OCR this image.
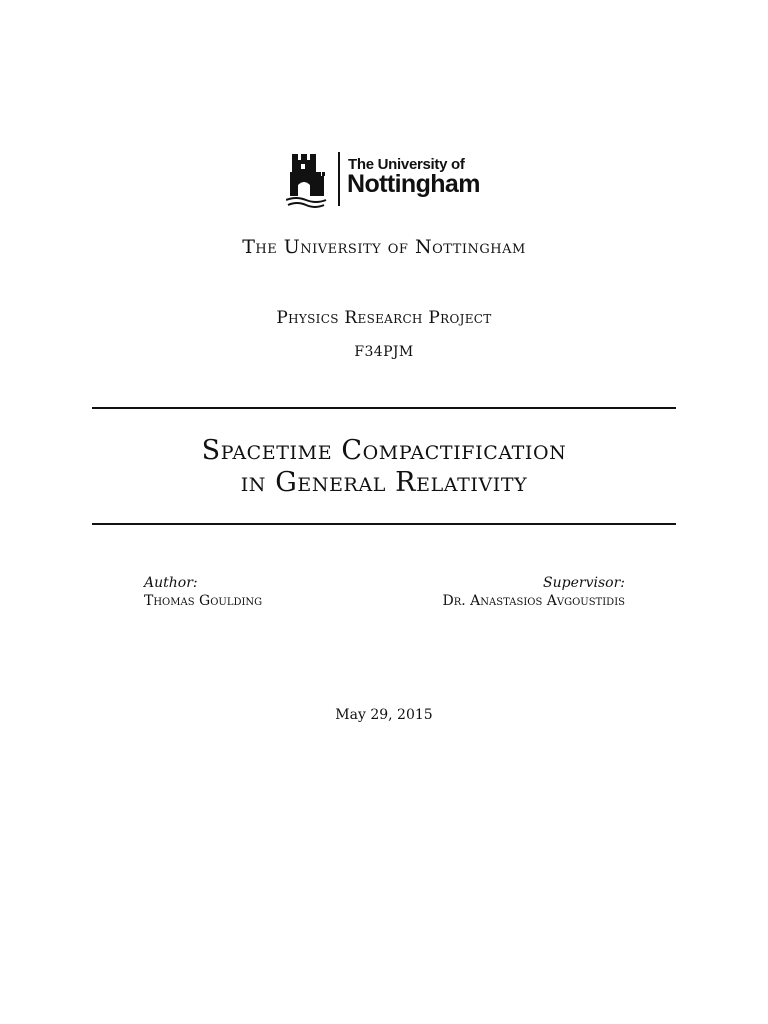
The University of
Nottingham
The University of Nottingham
Physics Research Project
F34PJM
Spacetime Compactification
in General Relativity
Author:
Thomas Goulding
Supervisor:
Dr. Anastasios Avgoustidis
May 29, 2015
